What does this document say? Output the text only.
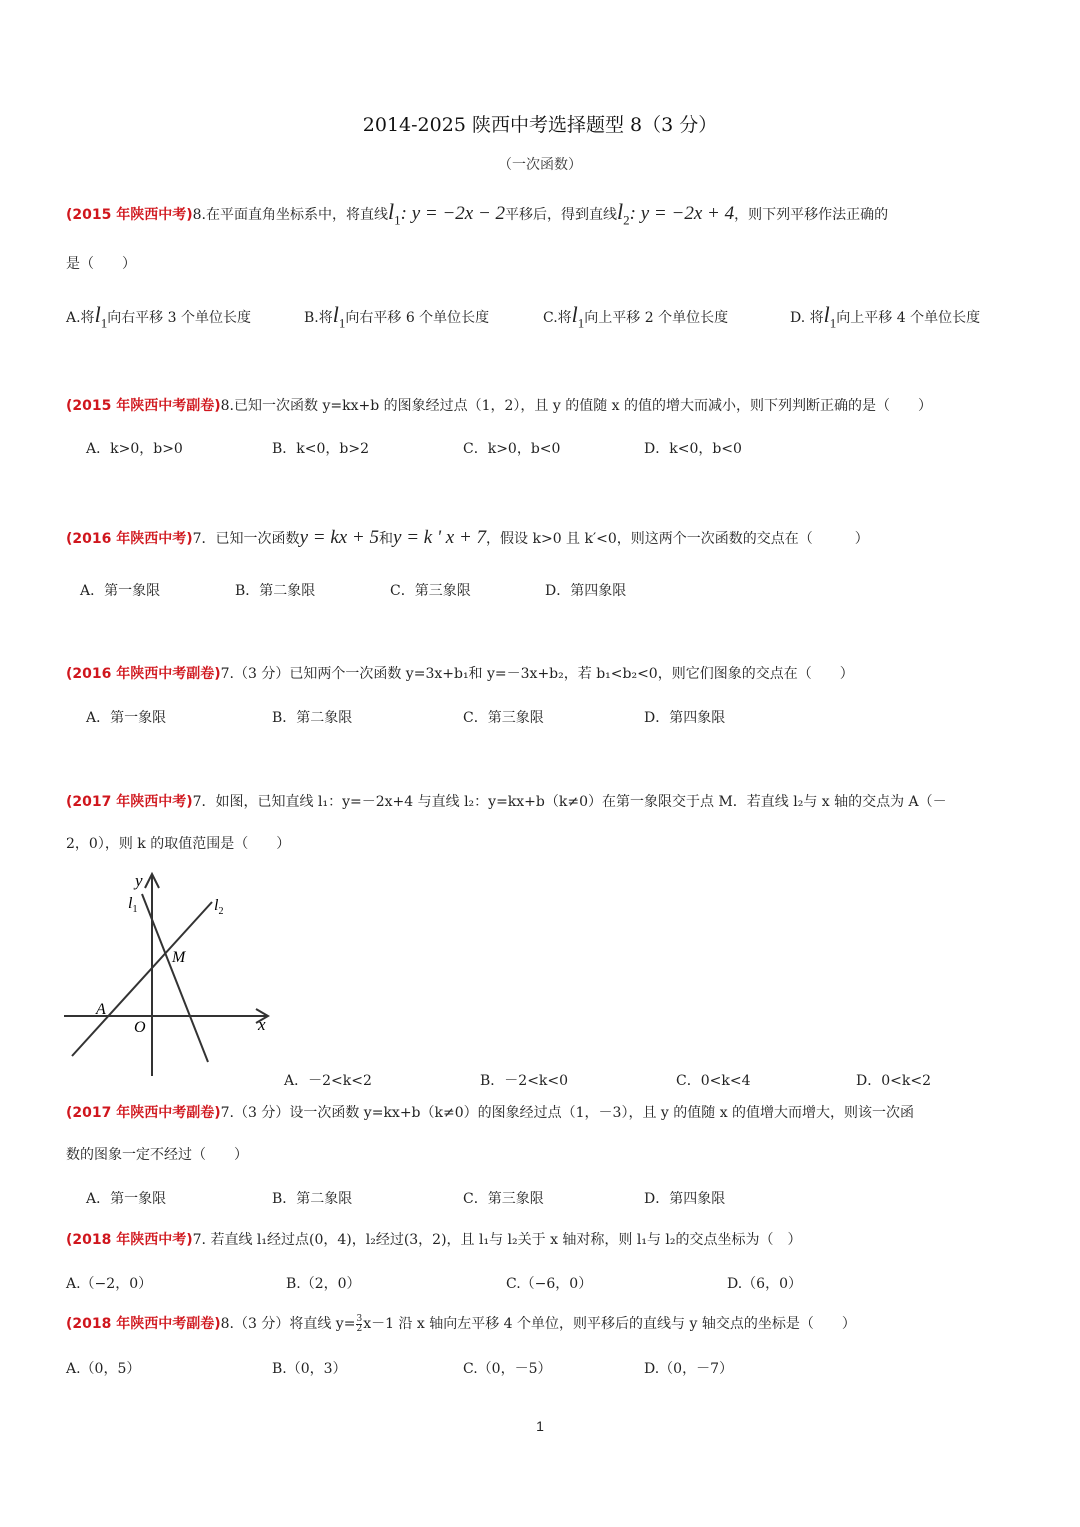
2014-2025 陕西中考选择题型 8（3 分）
（一次函数）
(2015 年陕西中考)8.在平面直角坐标系中，将直线$l_1$: y = −2x − 2平移后，得到直线$l_2$: y = −2x + 4，则下列平移作法正确的
是（　　）
A.将$l_1$向右平移 3 个单位长度	B.将$l_1$向右平移 6 个单位长度	C.将$l_1$向上平移 2 个单位长度	D. 将$l_1$向上平移 4 个单位长度
(2015 年陕西中考副卷)8.已知一次函数 y=kx+b 的图象经过点（1，2），且 y 的值随 x 的值的增大而减小，则下列判断正确的是（　　）
A．k>0，b>0	B．k<0，b>2	C．k>0，b<0	D．k<0，b<0
(2016 年陕西中考)7．已知一次函数y = kx + 5和y = k ' x + 7，假设 k>0 且 k′<0，则这两个一次函数的交点在（　　　）
A．第一象限	B．第二象限	C．第三象限	D．第四象限
(2016 年陕西中考副卷)7.（3 分）已知两个一次函数 y=3x+b₁和 y=－3x+b₂，若 b₁<b₂<0，则它们图象的交点在（　　）
A．第一象限	B．第二象限	C．第三象限	D．第四象限
(2017 年陕西中考)7．如图，已知直线 l₁：y=－2x+4 与直线 l₂：y=kx+b（k≠0）在第一象限交于点 M．若直线 l₂与 x 轴的交点为 A（－
2，0），则 k 的取值范围是（　　）
y
x
$l_1$	$l_2$
M
A
O
A．－2<k<2	B．－2<k<0	C．0<k<4	D．0<k<2
(2017 年陕西中考副卷)7.（3 分）设一次函数 y=kx+b（k≠0）的图象经过点（1，－3），且 y 的值随 x 的值增大而增大，则该一次函
数的图象一定不经过（　　）
A．第一象限	B．第二象限	C．第三象限	D．第四象限
(2018 年陕西中考)7. 若直线 l₁经过点(0，4)，l₂经过(3，2)，且 l₁与 l₂关于 x 轴对称，则 l₁与 l₂的交点坐标为（　）
A.（−2，0）	B.（2，0）	C.（−6，0）	D.（6，0）
(2018 年陕西中考副卷)8.（3 分）将直线 $y= \frac{3}{2} x-1$ 沿 x 轴向左平移 4 个单位，则平移后的直线与 y 轴交点的坐标是（　　）
A.（0，5）	B.（0，3）	C.（0，－5）	D.（0，－7）
1
